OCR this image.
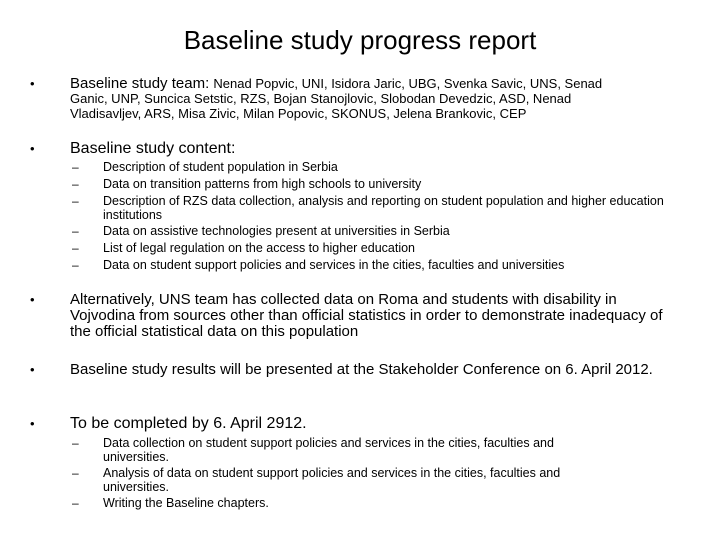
Baseline study progress report
• Baseline study team: Nenad Popvic, UNI, Isidora Jaric, UBG, Svenka Savic, UNS, Senad
Ganic, UNP, Suncica Setstic, RZS, Bojan Stanojlovic, Slobodan Devedzic, ASD, Nenad
Vladisavljev, ARS, Misa Zivic, Milan Popovic, SKONUS, Jelena Brankovic, CEP
• Baseline study content:
– Description of student population in Serbia
– Data on transition patterns from high schools to university
– Description of RZS data collection, analysis and reporting on student population and higher education institutions
– Data on assistive technologies present at universities in Serbia
– List of legal regulation on the access to higher education
– Data on student support policies and services in the cities, faculties and universities
• Alternatively, UNS team has collected data on Roma and students with disability in Vojvodina from sources other than official statistics in order to demonstrate inadequacy of the official statistical data on this population
• Baseline study results will be presented at the Stakeholder Conference on 6. April 2012.
• To be completed by 6. April 2912.
– Data collection on student support policies and services in the cities, faculties and universities.
– Analysis of data on student support policies and services in the cities, faculties and universities.
– Writing the Baseline chapters.
